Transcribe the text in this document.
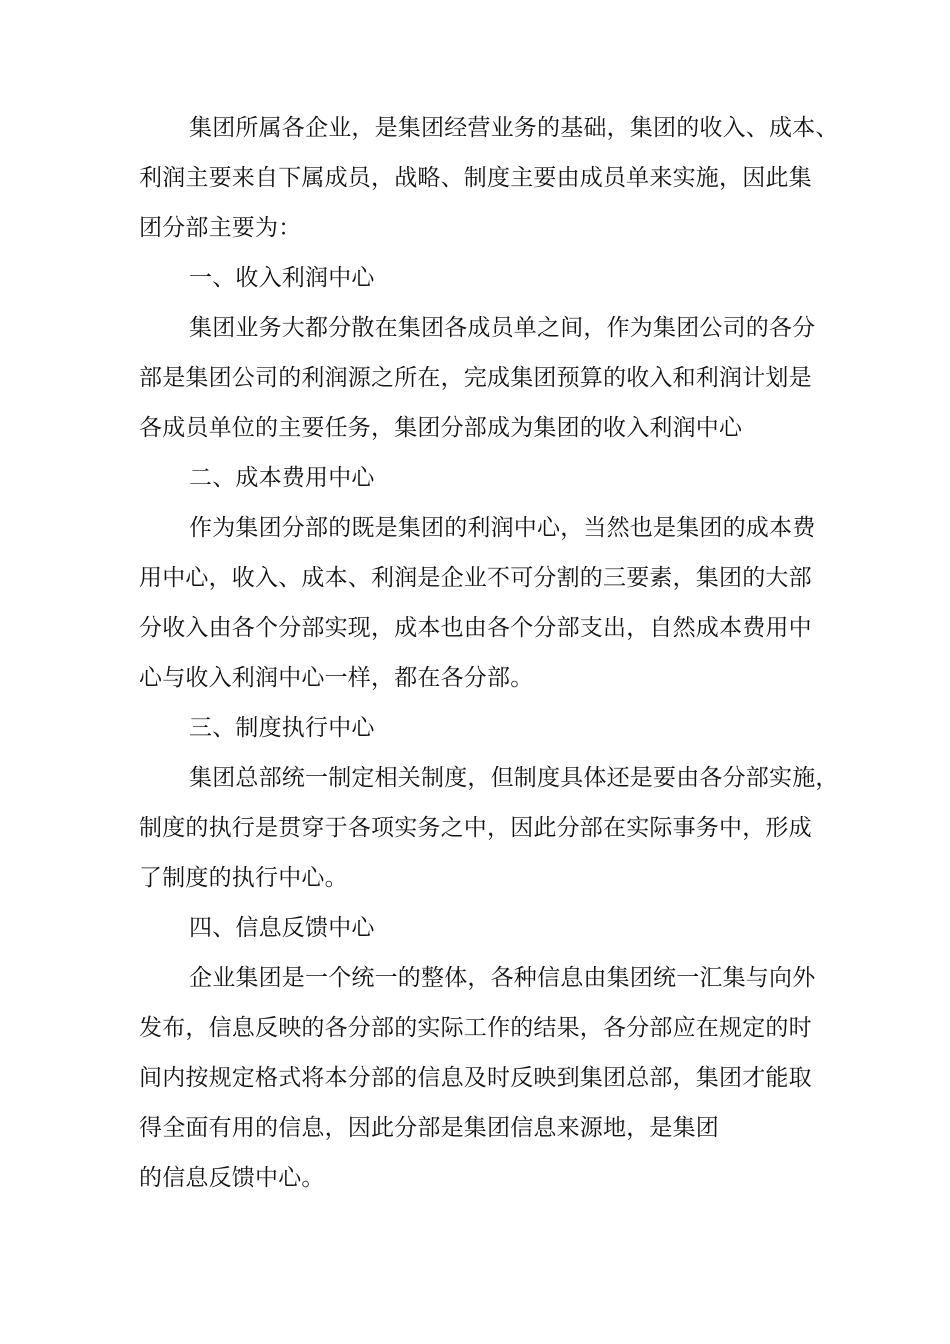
集团所属各企业，是集团经营业务的基础，集团的收入、成本、
利润主要来自下属成员，战略、制度主要由成员单来实施，因此集
团分部主要为：
一、收入利润中心
集团业务大都分散在集团各成员单之间，作为集团公司的各分
部是集团公司的利润源之所在，完成集团预算的收入和利润计划是
各成员单位的主要任务，集团分部成为集团的收入利润中心
二、成本费用中心
作为集团分部的既是集团的利润中心，当然也是集团的成本费
用中心，收入、成本、利润是企业不可分割的三要素，集团的大部
分收入由各个分部实现，成本也由各个分部支出，自然成本费用中
心与收入利润中心一样，都在各分部。
三、制度执行中心
集团总部统一制定相关制度，但制度具体还是要由各分部实施，
制度的执行是贯穿于各项实务之中，因此分部在实际事务中，形成
了制度的执行中心。
四、信息反馈中心
企业集团是一个统一的整体，各种信息由集团统一汇集与向外
发布，信息反映的各分部的实际工作的结果，各分部应在规定的时
间内按规定格式将本分部的信息及时反映到集团总部，集团才能取
得全面有用的信息，因此分部是集团信息来源地，是集团
的信息反馈中心。
